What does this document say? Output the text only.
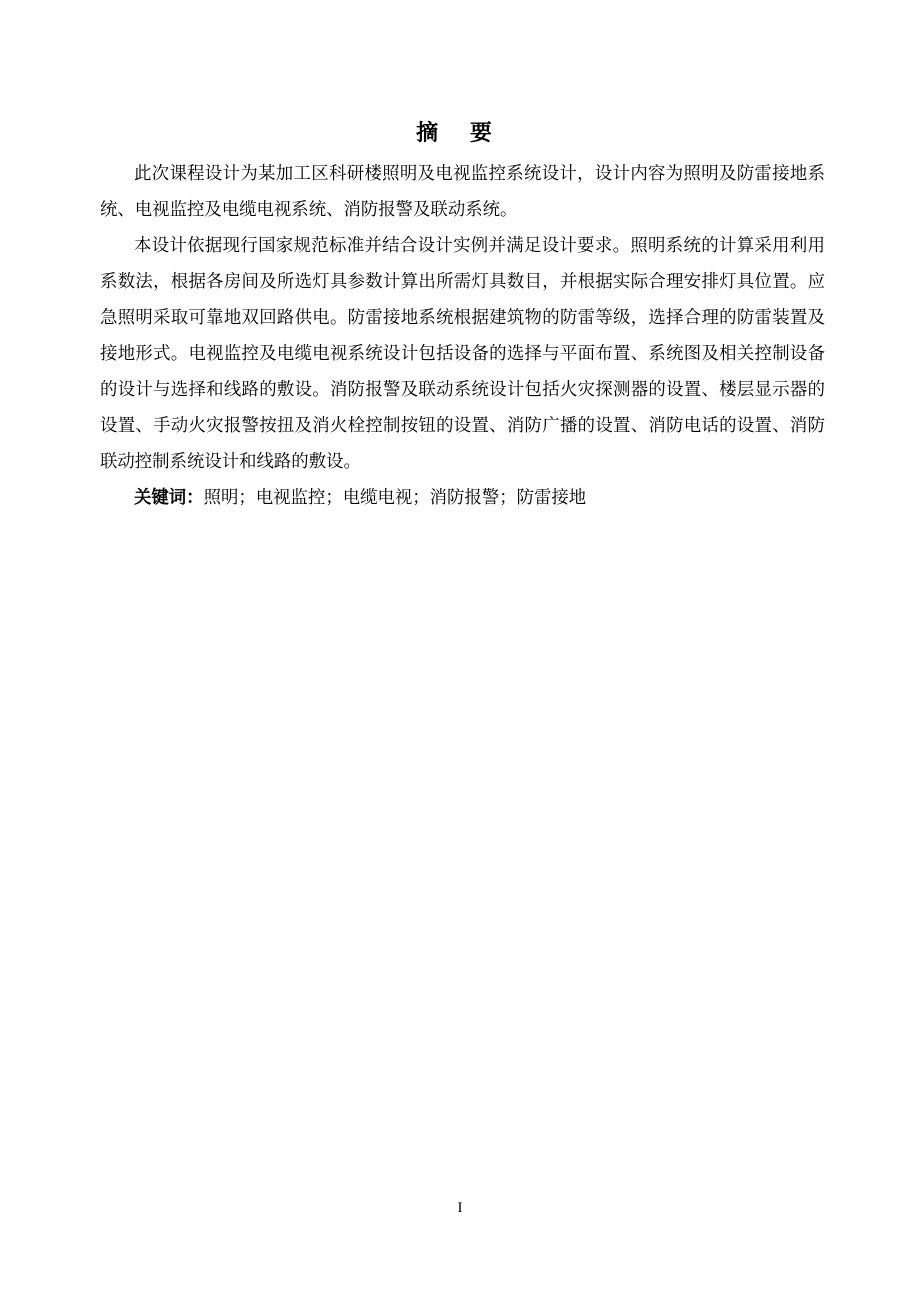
摘 要

此次课程设计为某加工区科研楼照明及电视监控系统设计，设计内容为照明及防雷接地系统、电视监控及电缆电视系统、消防报警及联动系统。

本设计依据现行国家规范标准并结合设计实例并满足设计要求。照明系统的计算采用利用系数法，根据各房间及所选灯具参数计算出所需灯具数目，并根据实际合理安排灯具位置。应急照明采取可靠地双回路供电。防雷接地系统根据建筑物的防雷等级，选择合理的防雷装置及接地形式。电视监控及电缆电视系统设计包括设备的选择与平面布置、系统图及相关控制设备的设计与选择和线路的敷设。消防报警及联动系统设计包括火灾探测器的设置、楼层显示器的设置、手动火灾报警按扭及消火栓控制按钮的设置、消防广播的设置、消防电话的设置、消防联动控制系统设计和线路的敷设。

关键词：照明；电视监控；电缆电视；消防报警；防雷接地

I
